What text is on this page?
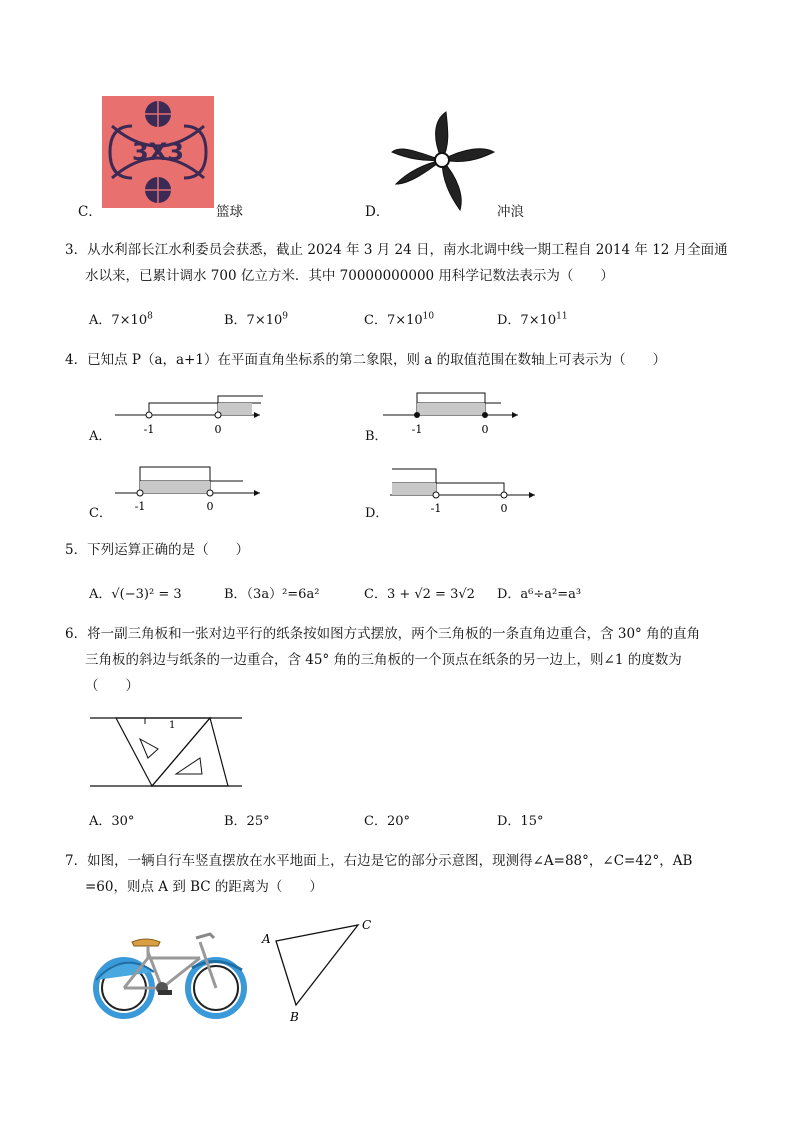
C．
3X3
篮球	D．	冲浪
3．从水利部长江水利委员会获悉，截止 2024 年 3 月 24 日，南水北调中线一期工程自 2014 年 12 月全面通
水以来，已累计调水 700 亿立方米．其中 70000000000 用科学记数法表示为（　　）
A．$7\times 10^8$	B．$7\times 10^9$	C．$7\times 10^{10}$	D．$7\times 10^{11}$
4．已知点 P（a，a+1）在平面直角坐标系的第二象限，则 a 的取值范围在数轴上可表示为（　　）
A．	-1	0	B． -1	0
C． -1	0	D．	-1	0
5．下列运算正确的是（　　）
A．√(−3)² = 3	B．（3a）²=6a²	C．3 + √2 = 3√2 D．a⁶÷a²=a³
6．将一副三角板和一张对边平行的纸条按如图方式摆放，两个三角板的一条直角边重合，含 30° 角的直角
三角板的斜边与纸条的一边重合，含 45° 角的三角板的一个顶点在纸条的另一边上，则∠1 的度数为
（　　）
1
A．30°	B．25°	C．20°	D．15°
7．如图，一辆自行车竖直摆放在水平地面上，右边是它的部分示意图，现测得∠A=88°，∠C=42°，AB
=60，则点 A 到 BC 的距离为（　　）
A
C
B
